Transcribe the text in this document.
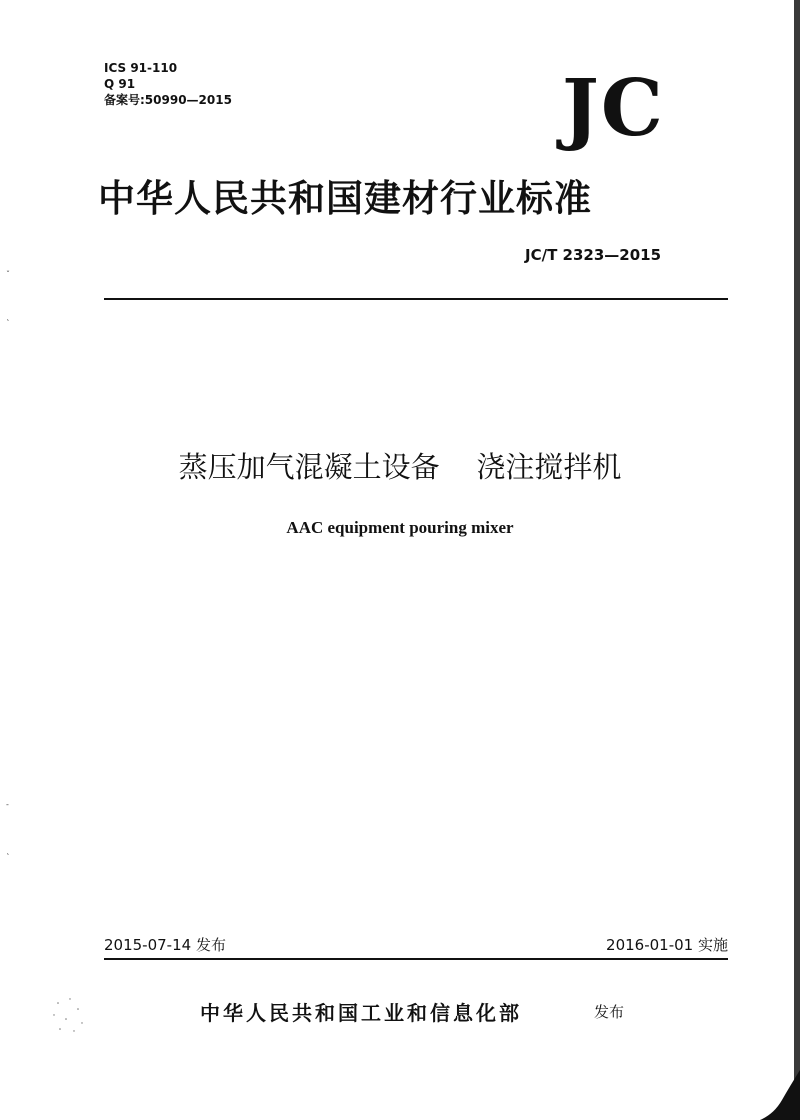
ICS 91-110
Q 91
备案号:50990—2015	JC
中华人民共和国建材行业标准
JC/T 2323—2015
蒸压加气混凝土设备    浇注搅拌机
AAC equipment pouring mixer
2015-07-14 发布	2016-01-01 实施
中华人民共和国工业和信息化部	发布
ˇ
˛
-
˛
